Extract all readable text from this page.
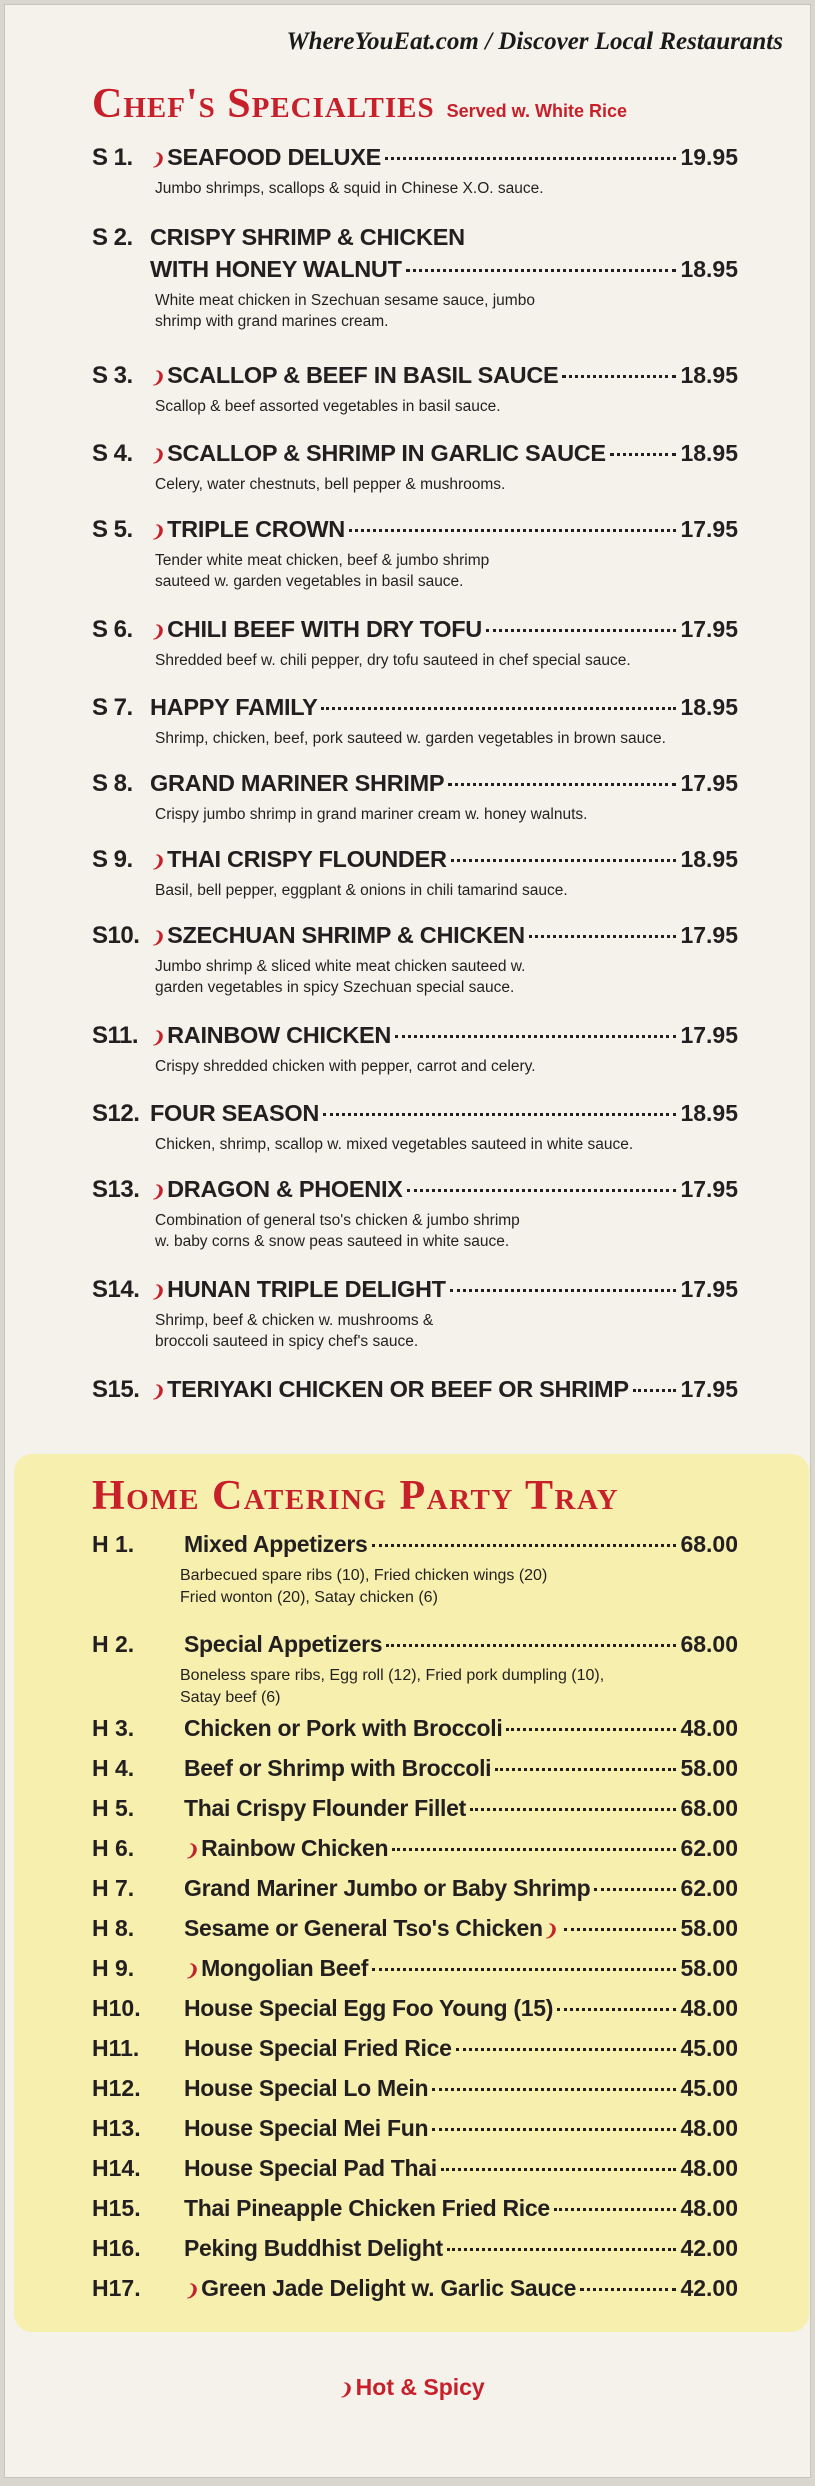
WhereYouEat.com / Discover Local Restaurants
Chef's Specialties Served w. White Rice
S 1.	❩SEAFOOD DELUXE	19.95
Jumbo shrimps, scallops & squid in Chinese X.O. sauce.
S 2. CRISPY SHRIMP & CHICKEN
WITH HONEY WALNUT	18.95
White meat chicken in Szechuan sesame sauce, jumbo
shrimp with grand marines cream.
S 3.	❩SCALLOP & BEEF IN BASIL SAUCE	18.95
Scallop & beef assorted vegetables in basil sauce.
S 4.	❩SCALLOP & SHRIMP IN GARLIC SAUCE	18.95
Celery, water chestnuts, bell pepper & mushrooms.
S 5.	❩TRIPLE CROWN	17.95
Tender white meat chicken, beef & jumbo shrimp
sauteed w. garden vegetables in basil sauce.
S 6.	❩CHILI BEEF WITH DRY TOFU	17.95
Shredded beef w. chili pepper, dry tofu sauteed in chef special sauce.
S 7. HAPPY FAMILY	18.95
Shrimp, chicken, beef, pork sauteed w. garden vegetables in brown sauce.
S 8. GRAND MARINER SHRIMP	17.95
Crispy jumbo shrimp in grand mariner cream w. honey walnuts.
S 9.	❩THAI CRISPY FLOUNDER	18.95
Basil, bell pepper, eggplant & onions in chili tamarind sauce.
S10. ❩SZECHUAN SHRIMP & CHICKEN	17.95
Jumbo shrimp & sliced white meat chicken sauteed w.
garden vegetables in spicy Szechuan special sauce.
S11. ❩RAINBOW CHICKEN	17.95
Crispy shredded chicken with pepper, carrot and celery.
S12. FOUR SEASON	18.95
Chicken, shrimp, scallop w. mixed vegetables sauteed in white sauce.
S13. ❩DRAGON & PHOENIX	17.95
Combination of general tso's chicken & jumbo shrimp
w. baby corns & snow peas sauteed in white sauce.
S14. ❩HUNAN TRIPLE DELIGHT	17.95
Shrimp, beef & chicken w. mushrooms &
broccoli sauteed in spicy chef's sauce.
S15. ❩TERIYAKI CHICKEN OR BEEF OR SHRIMP 17.95
Home Catering Party Tray
H 1.	Mixed Appetizers	68.00
Barbecued spare ribs (10), Fried chicken wings (20)
Fried wonton (20), Satay chicken (6)
H 2.	Special Appetizers	68.00
Boneless spare ribs, Egg roll (12), Fried pork dumpling (10),
Satay beef (6)
H 3.	Chicken or Pork with Broccoli	48.00
H 4.	Beef or Shrimp with Broccoli	58.00
H 5.	Thai Crispy Flounder Fillet	68.00
H 6.	❩Rainbow Chicken	62.00
H 7.	Grand Mariner Jumbo or Baby Shrimp	62.00
H 8.	Sesame or General Tso's Chicken❩	58.00
H 9.	❩Mongolian Beef	58.00
H10.	House Special Egg Foo Young (15)	48.00
H11.	House Special Fried Rice	45.00
H12.	House Special Lo Mein	45.00
H13.	House Special Mei Fun	48.00
H14.	House Special Pad Thai	48.00
H15.	Thai Pineapple Chicken Fried Rice	48.00
H16.	Peking Buddhist Delight	42.00
H17.	❩Green Jade Delight w. Garlic Sauce	42.00
❩Hot & Spicy
